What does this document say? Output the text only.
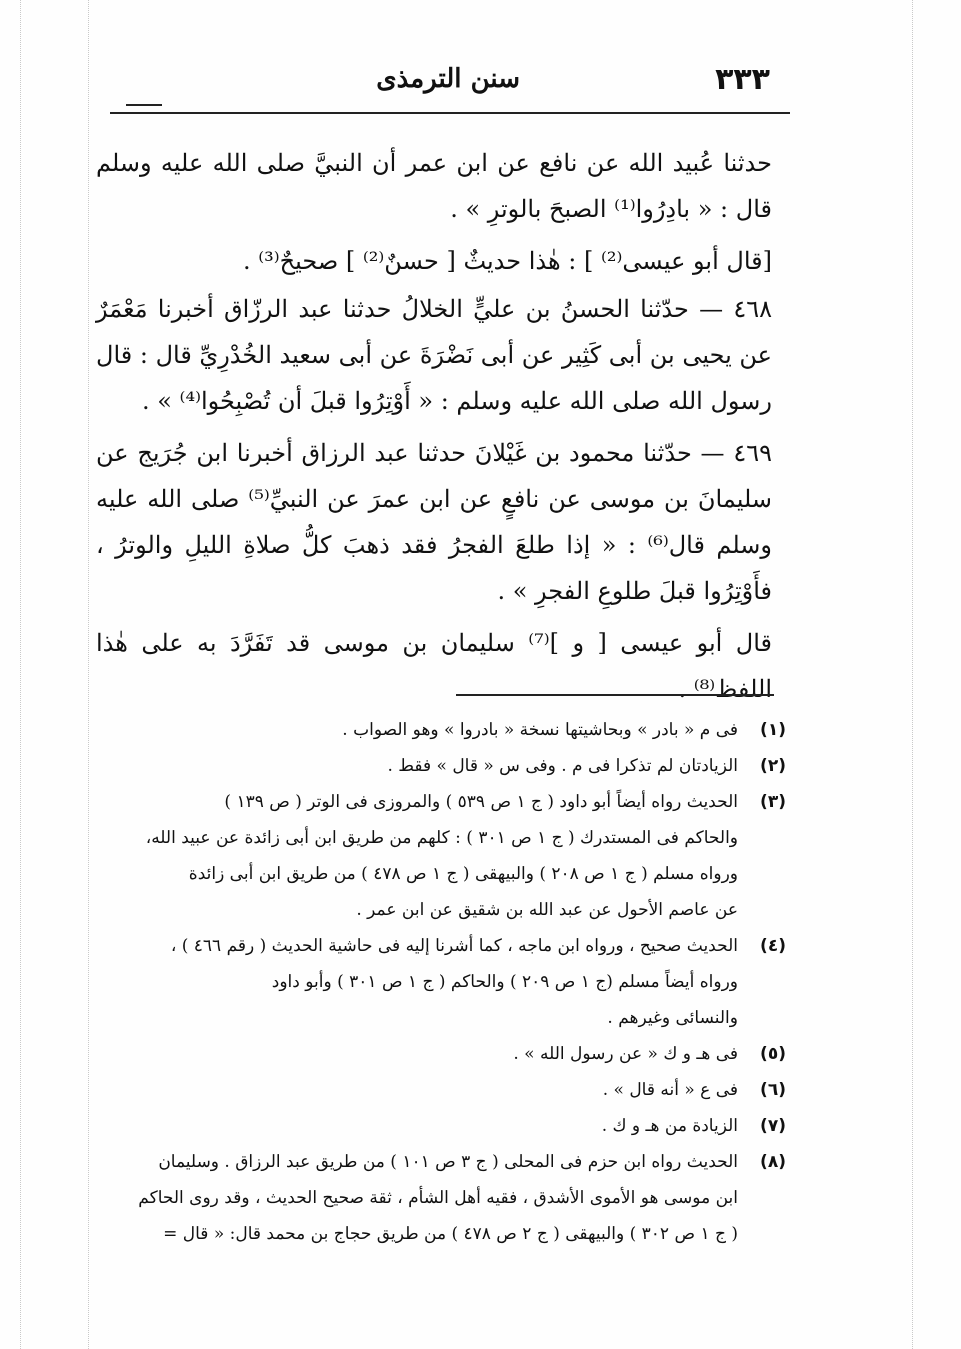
٣٣٣
سنن الترمذى

حدثنا عُبيد الله عن نافع عن ابن عمر أن النبيَّ صلى الله عليه وسلم قال : « بادِرُوا⁽¹⁾ الصبحَ بالوترِ » .

[قال أبو عيسى⁽²⁾ ] : هٰذا حديثٌ [ حسنٌ⁽²⁾ ] صحيحٌ⁽³⁾ .

٤٦٨ — حدّثنا الحسنُ بن عليٍّ الخلالُ حدثنا عبد الرزّاق أخبرنا مَعْمَرٌ عن يحيى بن أبى كَثِير عن أبى نَضْرَةَ عن أبى سعيد الخُدْرِيِّ قال : قال رسول الله صلى الله عليه وسلم : « أَوْتِرُوا قبلَ أن تُصْبِحُوا⁽⁴⁾ » .

٤٦٩ — حدّثنا محمود بن غَيْلانَ حدثنا عبد الرزاق أخبرنا ابن جُرَيج عن سليمانَ بن موسى عن نافعٍ عن ابن عمرَ عن النبيِّ⁽⁵⁾ صلى الله عليه وسلم قال⁽⁶⁾ : « إذا طلعَ الفجرُ فقد ذهبَ كلُّ صلاةِ الليلِ والوترُ ، فأَوْتِرُوا قبلَ طلوعِ الفجرِ » .

قال أبو عيسى [ و ]⁽⁷⁾ سليمان بن موسى قد تَفَرَّدَ به على هٰذا اللفظ⁽⁸⁾ .

(١)
فى م « بادر » وبحاشيتها نسخة « بادروا » وهو الصواب .
(٢)
الزيادتان لم تذكرا فى م . وفى س « قال » فقط .
(٣)
الحديث رواه أيضاً أبو داود ( ج ١ ص ٥٣٩ ) والمروزى فى الوتر ( ص ١٣٩ )
والحاكم فى المستدرك ( ج ١ ص ٣٠١ ) : كلهم من طريق ابن أبى زائدة عن عبيد الله،
ورواه مسلم ( ج ١ ص ٢٠٨ ) والبيهقى ( ج ١ ص ٤٧٨ ) من طريق ابن أبى زائدة
عن عاصم الأحول عن عبد الله بن شقيق عن ابن عمر .
(٤)
الحديث صحيح ، ورواه ابن ماجه ، كما أشرنا إليه فى حاشية الحديث ( رقم ٤٦٦ ) ،
ورواه أيضاً مسلم (ج ١ ص ٢٠٩ ) والحاكم ( ج ١ ص ٣٠١ ) وأبو داود
والنسائى وغيرهم .
(٥)
فى هـ و ك « عن رسول الله » .
(٦)
فى ع « أنه قال » .
(٧)
الزيادة من هـ و ك .
(٨)
الحديث رواه ابن حزم فى المحلى ( ج ٣ ص ١٠١ ) من طريق عبد الرزاق . وسليمان
ابن موسى هو الأموى الأشدق ، فقيه أهل الشأم ، ثقة صحيح الحديث ، وقد روى الحاكم
( ج ١ ص ٣٠٢ ) والبيهقى ( ج ٢ ص ٤٧٨ ) من طريق حجاج بن محمد قال: « قال =
